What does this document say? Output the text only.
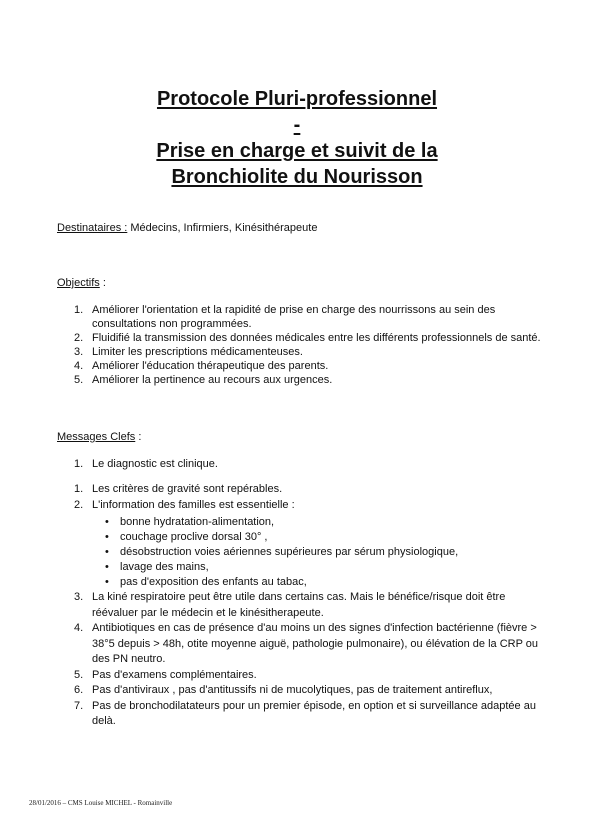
Protocole Pluri-professionnel

-

Prise en charge et suivit de la

Bronchiolite du Nourisson

Destinataires : Médecins, Infirmiers, Kinésithérapeute
Objectifs :
1. Améliorer l'orientation et la rapidité de prise en charge des nourrissons au sein des consultations non programmées.
2. Fluidifié la transmission des données médicales entre les différents professionnels de santé.
3. Limiter les prescriptions médicamenteuses.
4. Améliorer l'éducation thérapeutique des parents.
5. Améliorer la pertinence au recours aux urgences.
Messages Clefs :
1. Le diagnostic est clinique.
1. Les critères de gravité sont repérables.
2. L'information des familles est essentielle :
• bonne hydratation-alimentation,
• couchage proclive dorsal 30° ,
• désobstruction voies aériennes supérieures par sérum physiologique,
• lavage des mains,
• pas d'exposition des enfants au tabac,
3. La kiné respiratoire peut être utile dans certains cas. Mais le bénéfice/risque doit être réévaluer par le médecin et le kinésitherapeute.
4. Antibiotiques en cas de présence d'au moins un des signes d'infection bactérienne (fièvre > 38°5 depuis > 48h, otite moyenne aiguë, pathologie pulmonaire), ou élévation de la CRP ou des PN neutro.
5. Pas d'examens complémentaires.
6. Pas d'antiviraux , pas d'antitussifs ni de mucolytiques, pas de traitement antireflux,
7. Pas de bronchodilatateurs pour un premier épisode, en option et si surveillance adaptée au delà.
28/01/2016 – CMS Louise MICHEL - Romainville
